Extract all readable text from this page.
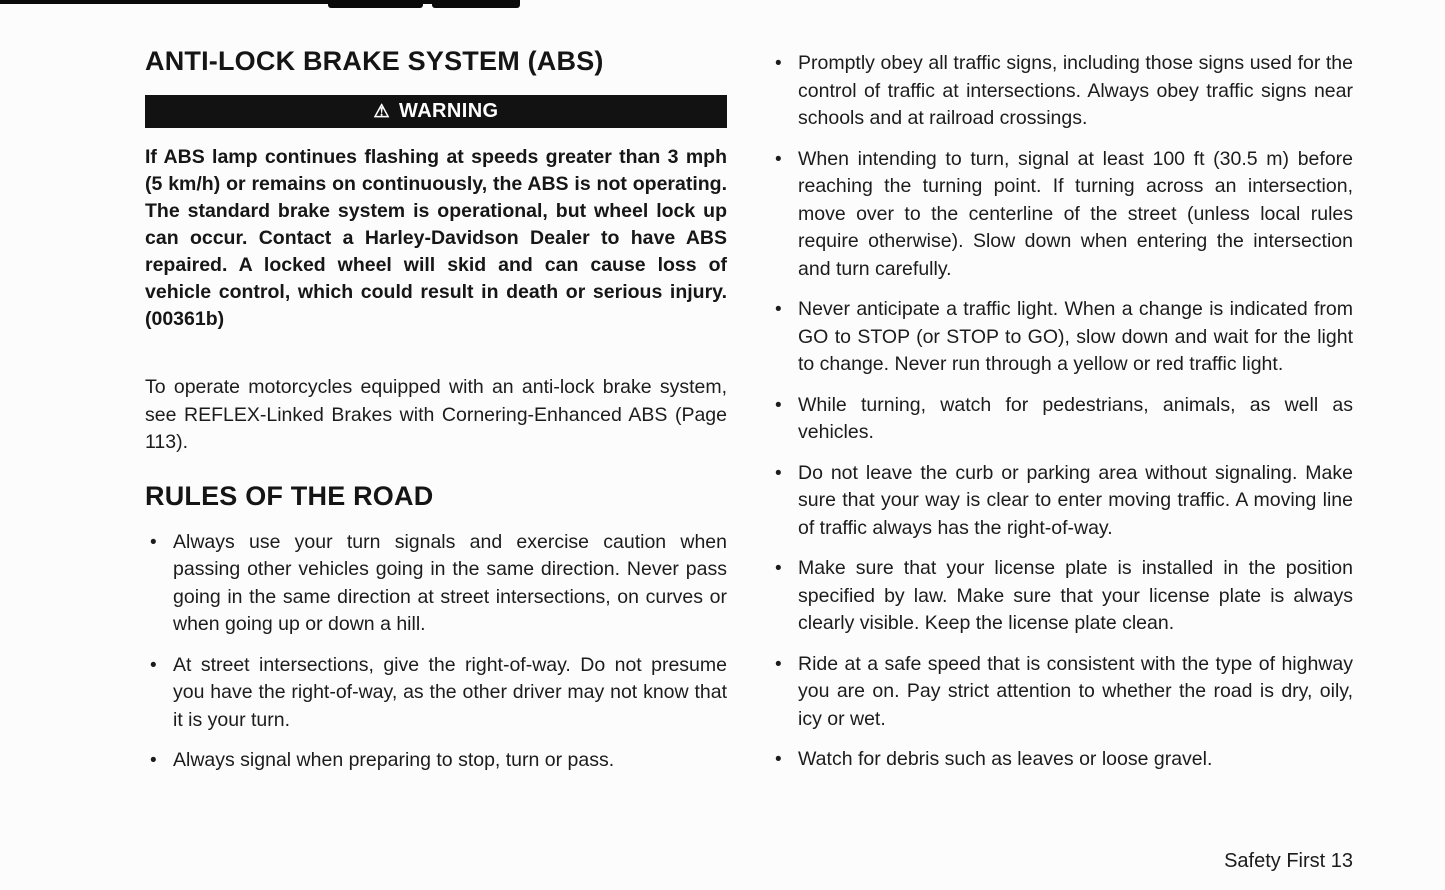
ANTI-LOCK BRAKE SYSTEM (ABS)
⚠ WARNING

If ABS lamp continues flashing at speeds greater than 3 mph (5 km/h) or remains on continuously, the ABS is not operating. The standard brake system is operational, but wheel lock up can occur. Contact a Harley-Davidson Dealer to have ABS repaired. A locked wheel will skid and can cause loss of vehicle control, which could result in death or serious injury. (00361b)

To operate motorcycles equipped with an anti-lock brake system, see REFLEX-Linked Brakes with Cornering-Enhanced ABS (Page 113).

RULES OF THE ROAD
• Always use your turn signals and exercise caution when passing other vehicles going in the same direction. Never pass going in the same direction at street intersections, on curves or when going up or down a hill.
• At street intersections, give the right-of-way. Do not presume you have the right-of-way, as the other driver may not know that it is your turn.
• Always signal when preparing to stop, turn or pass.
• Promptly obey all traffic signs, including those signs used for the control of traffic at intersections. Always obey traffic signs near schools and at railroad crossings.
• When intending to turn, signal at least 100 ft (30.5 m) before reaching the turning point. If turning across an intersection, move over to the centerline of the street (unless local rules require otherwise). Slow down when entering the intersection and turn carefully.
• Never anticipate a traffic light. When a change is indicated from GO to STOP (or STOP to GO), slow down and wait for the light to change. Never run through a yellow or red traffic light.
• While turning, watch for pedestrians, animals, as well as vehicles.
• Do not leave the curb or parking area without signaling. Make sure that your way is clear to enter moving traffic. A moving line of traffic always has the right-of-way.
• Make sure that your license plate is installed in the position specified by law. Make sure that your license plate is always clearly visible. Keep the license plate clean.
• Ride at a safe speed that is consistent with the type of highway you are on. Pay strict attention to whether the road is dry, oily, icy or wet.
• Watch for debris such as leaves or loose gravel.
Safety First 13
